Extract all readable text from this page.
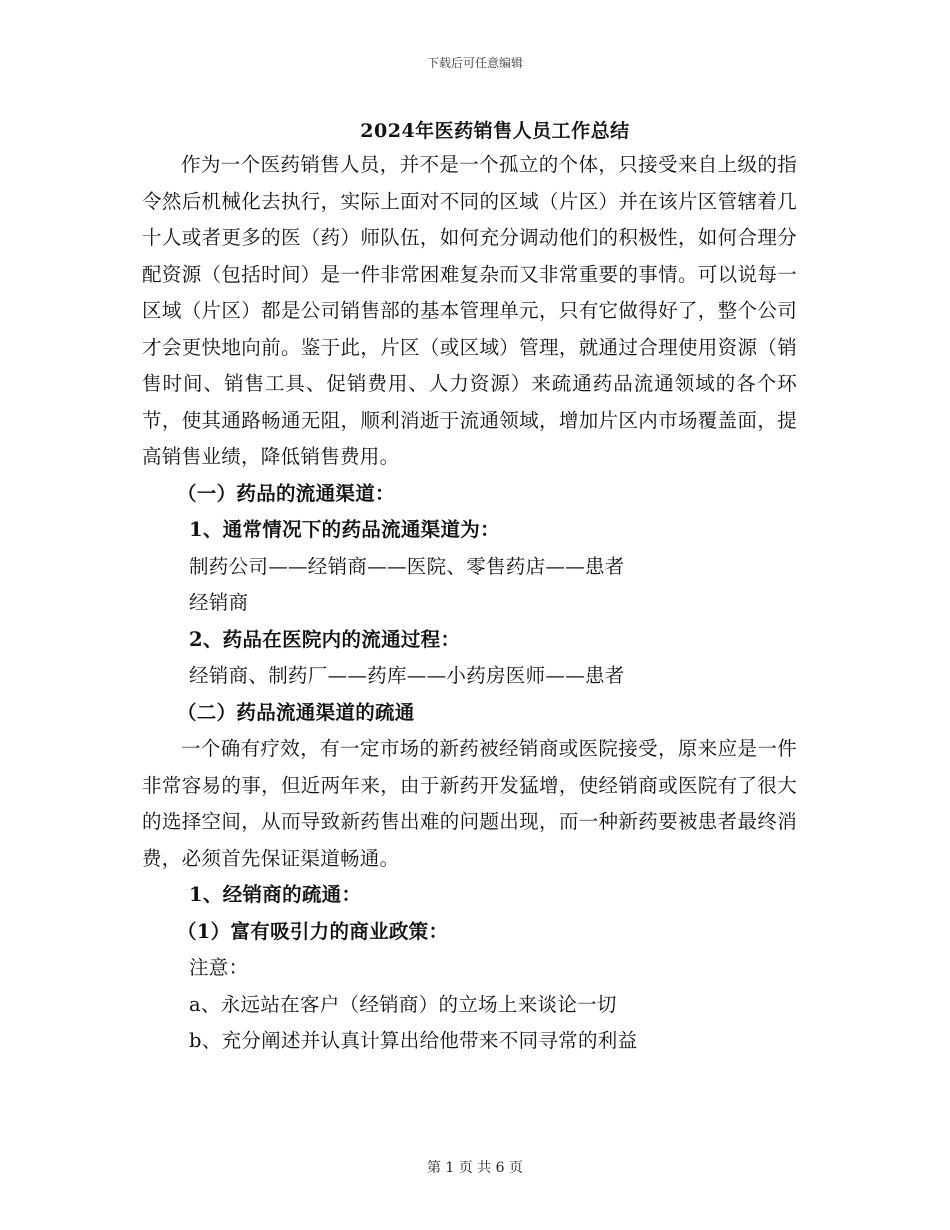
下载后可任意编辑
2024年医药销售人员工作总结

作为一个医药销售人员，并不是一个孤立的个体，只接受来自上级的指令然后机械化去执行，实际上面对不同的区域（片区）并在该片区管辖着几十人或者更多的医（药）师队伍，如何充分调动他们的积极性，如何合理分配资源（包括时间）是一件非常困难复杂而又非常重要的事情。可以说每一区域（片区）都是公司销售部的基本管理单元，只有它做得好了，整个公司才会更快地向前。鉴于此，片区（或区域）管理，就通过合理使用资源（销售时间、销售工具、促销费用、人力资源）来疏通药品流通领域的各个环节，使其通路畅通无阻，顺利消逝于流通领域，增加片区内市场覆盖面，提高销售业绩，降低销售费用。

（一）药品的流通渠道：

1、通常情况下的药品流通渠道为：

制药公司——经销商——医院、零售药店——患者

经销商

2、药品在医院内的流通过程：

经销商、制药厂——药库——小药房医师——患者

（二）药品流通渠道的疏通

一个确有疗效，有一定市场的新药被经销商或医院接受，原来应是一件非常容易的事，但近两年来，由于新药开发猛增，使经销商或医院有了很大的选择空间，从而导致新药售出难的问题出现，而一种新药要被患者最终消费，必须首先保证渠道畅通。

1、经销商的疏通：

（1）富有吸引力的商业政策：

注意：

a、永远站在客户（经销商）的立场上来谈论一切

b、充分阐述并认真计算出给他带来不同寻常的利益

第 1 页 共 6 页
